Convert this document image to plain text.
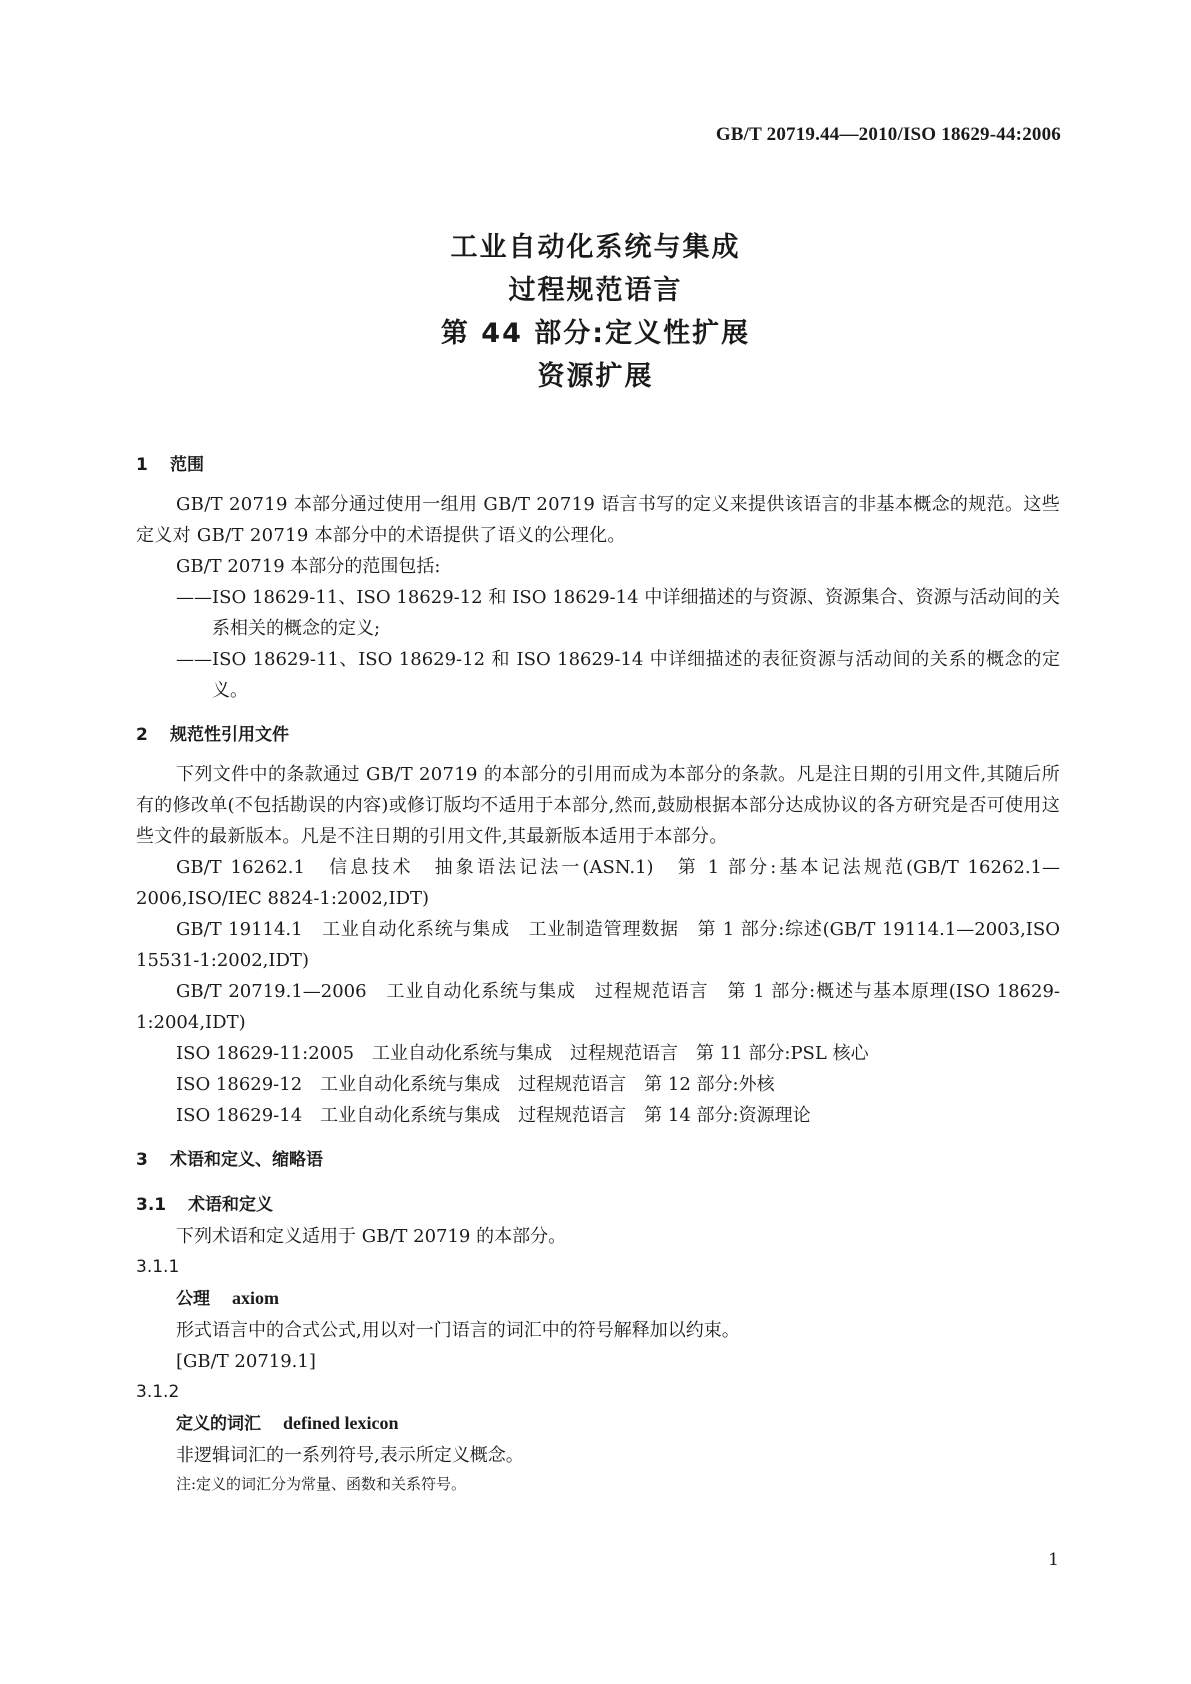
GB/T 20719.44—2010/ISO 18629-44:2006
工业自动化系统与集成
过程规范语言
第 44 部分:定义性扩展
资源扩展

1 范围

GB/T 20719 本部分通过使用一组用 GB/T 20719 语言书写的定义来提供该语言的非基本概念的规范。这些定义对 GB/T 20719 本部分中的术语提供了语义的公理化。

GB/T 20719 本部分的范围包括:

——ISO 18629-11、ISO 18629-12 和 ISO 18629-14 中详细描述的与资源、资源集合、资源与活动间的关系相关的概念的定义;

——ISO 18629-11、ISO 18629-12 和 ISO 18629-14 中详细描述的表征资源与活动间的关系的概念的定义。

2 规范性引用文件

下列文件中的条款通过 GB/T 20719 的本部分的引用而成为本部分的条款。凡是注日期的引用文件,其随后所有的修改单(不包括勘误的内容)或修订版均不适用于本部分,然而,鼓励根据本部分达成协议的各方研究是否可使用这些文件的最新版本。凡是不注日期的引用文件,其最新版本适用于本部分。

GB/T 16262.1　信息技术　抽象语法记法一(ASN.1)　第 1 部分:基本记法规范(GB/T 16262.1—2006,ISO/IEC 8824-1:2002,IDT)

GB/T 19114.1　工业自动化系统与集成　工业制造管理数据　第 1 部分:综述(GB/T 19114.1—2003,ISO 15531-1:2002,IDT)

GB/T 20719.1—2006　工业自动化系统与集成　过程规范语言　第 1 部分:概述与基本原理(ISO 18629-1:2004,IDT)

ISO 18629-11:2005　工业自动化系统与集成　过程规范语言　第 11 部分:PSL 核心

ISO 18629-12　工业自动化系统与集成　过程规范语言　第 12 部分:外核

ISO 18629-14　工业自动化系统与集成　过程规范语言　第 14 部分:资源理论

3 术语和定义、缩略语

3.1 术语和定义

下列术语和定义适用于 GB/T 20719 的本部分。

3.1.1

公理 axiom

形式语言中的合式公式,用以对一门语言的词汇中的符号解释加以约束。

[GB/T 20719.1]

3.1.2

定义的词汇 defined lexicon

非逻辑词汇的一系列符号,表示所定义概念。

注:定义的词汇分为常量、函数和关系符号。

1
